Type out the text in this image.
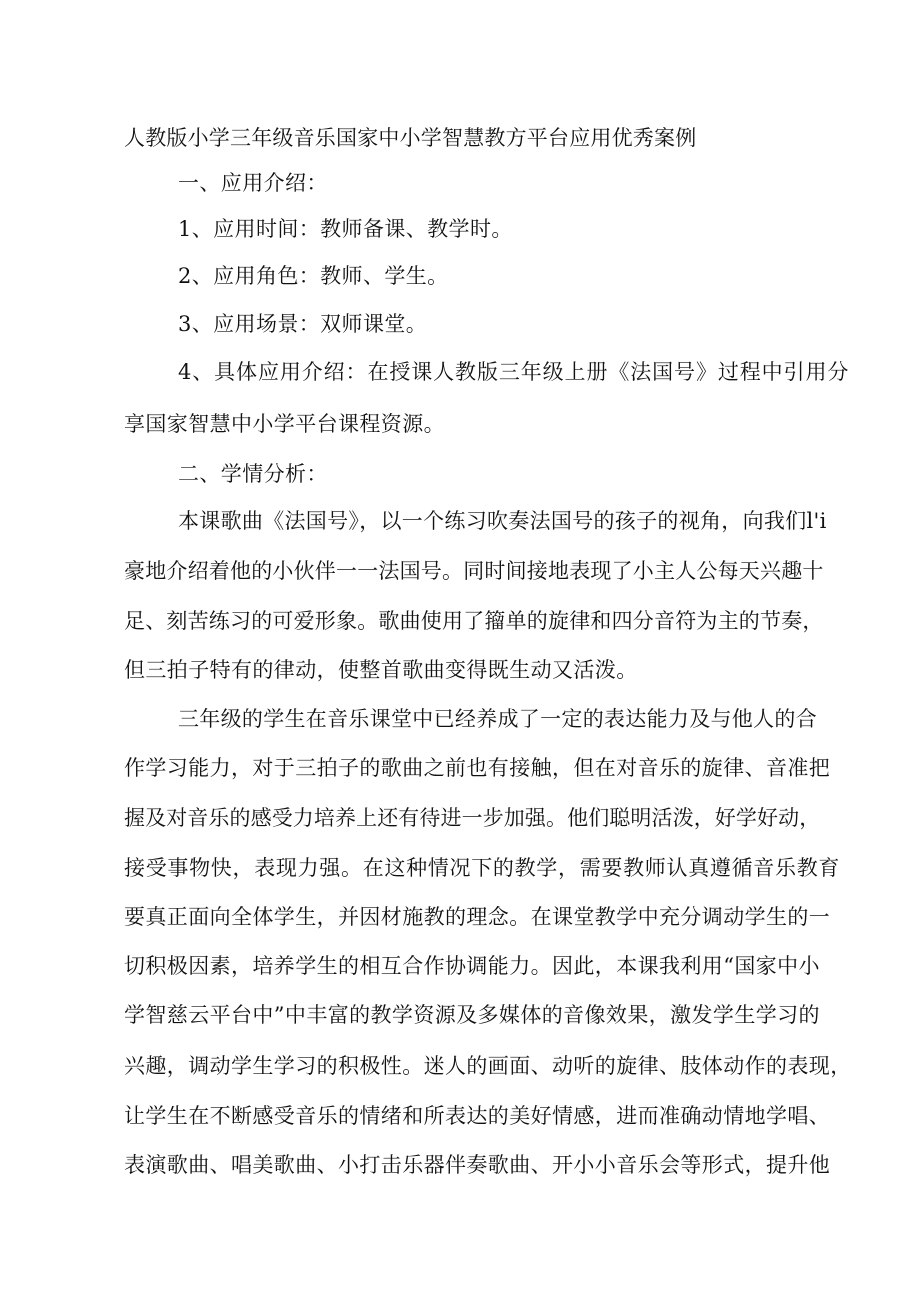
人教版小学三年级音乐国家中小学智慧教方平台应用优秀案例
一、应用介绍：
1、应用时间：教师备课、教学时。
2、应用角色：教师、学生。
3、应用场景：双师课堂。
4、具体应用介绍：在授课人教版三年级上册《法国号》过程中引用分
享国家智慧中小学平台课程资源。
二、学情分析：
本课歌曲《法国号》，以一个练习吹奏法国号的孩子的视角，向我们l'i
豪地介绍着他的小伙伴一一法国号。同时间接地表现了小主人公每天兴趣十
足、刻苦练习的可爱形象。歌曲使用了籀单的旋律和四分音符为主的节奏，
但三拍子特有的律动，使整首歌曲变得既生动又活泼。
三年级的学生在音乐课堂中已经养成了一定的表达能力及与他人的合
作学习能力，对于三拍子的歌曲之前也有接触，但在对音乐的旋律、音准把
握及对音乐的感受力培养上还有待进一步加强。他们聪明活泼，好学好动，
接受事物快，表现力强。在这种情况下的教学，需要教师认真遵循音乐教育
要真正面向全体学生，并因材施教的理念。在课堂教学中充分调动学生的一
切积极因素，培养学生的相互合作协调能力。因此，本课我利用“国家中小
学智慈云平台中”中丰富的教学资源及多媒体的音像效果，激发学生学习的
兴趣，调动学生学习的积极性。迷人的画面、动听的旋律、肢体动作的表现，
让学生在不断感受音乐的情绪和所表达的美好情感，进而准确动情地学唱、
表演歌曲、唱美歌曲、小打击乐器伴奏歌曲、开小小音乐会等形式，提升他
